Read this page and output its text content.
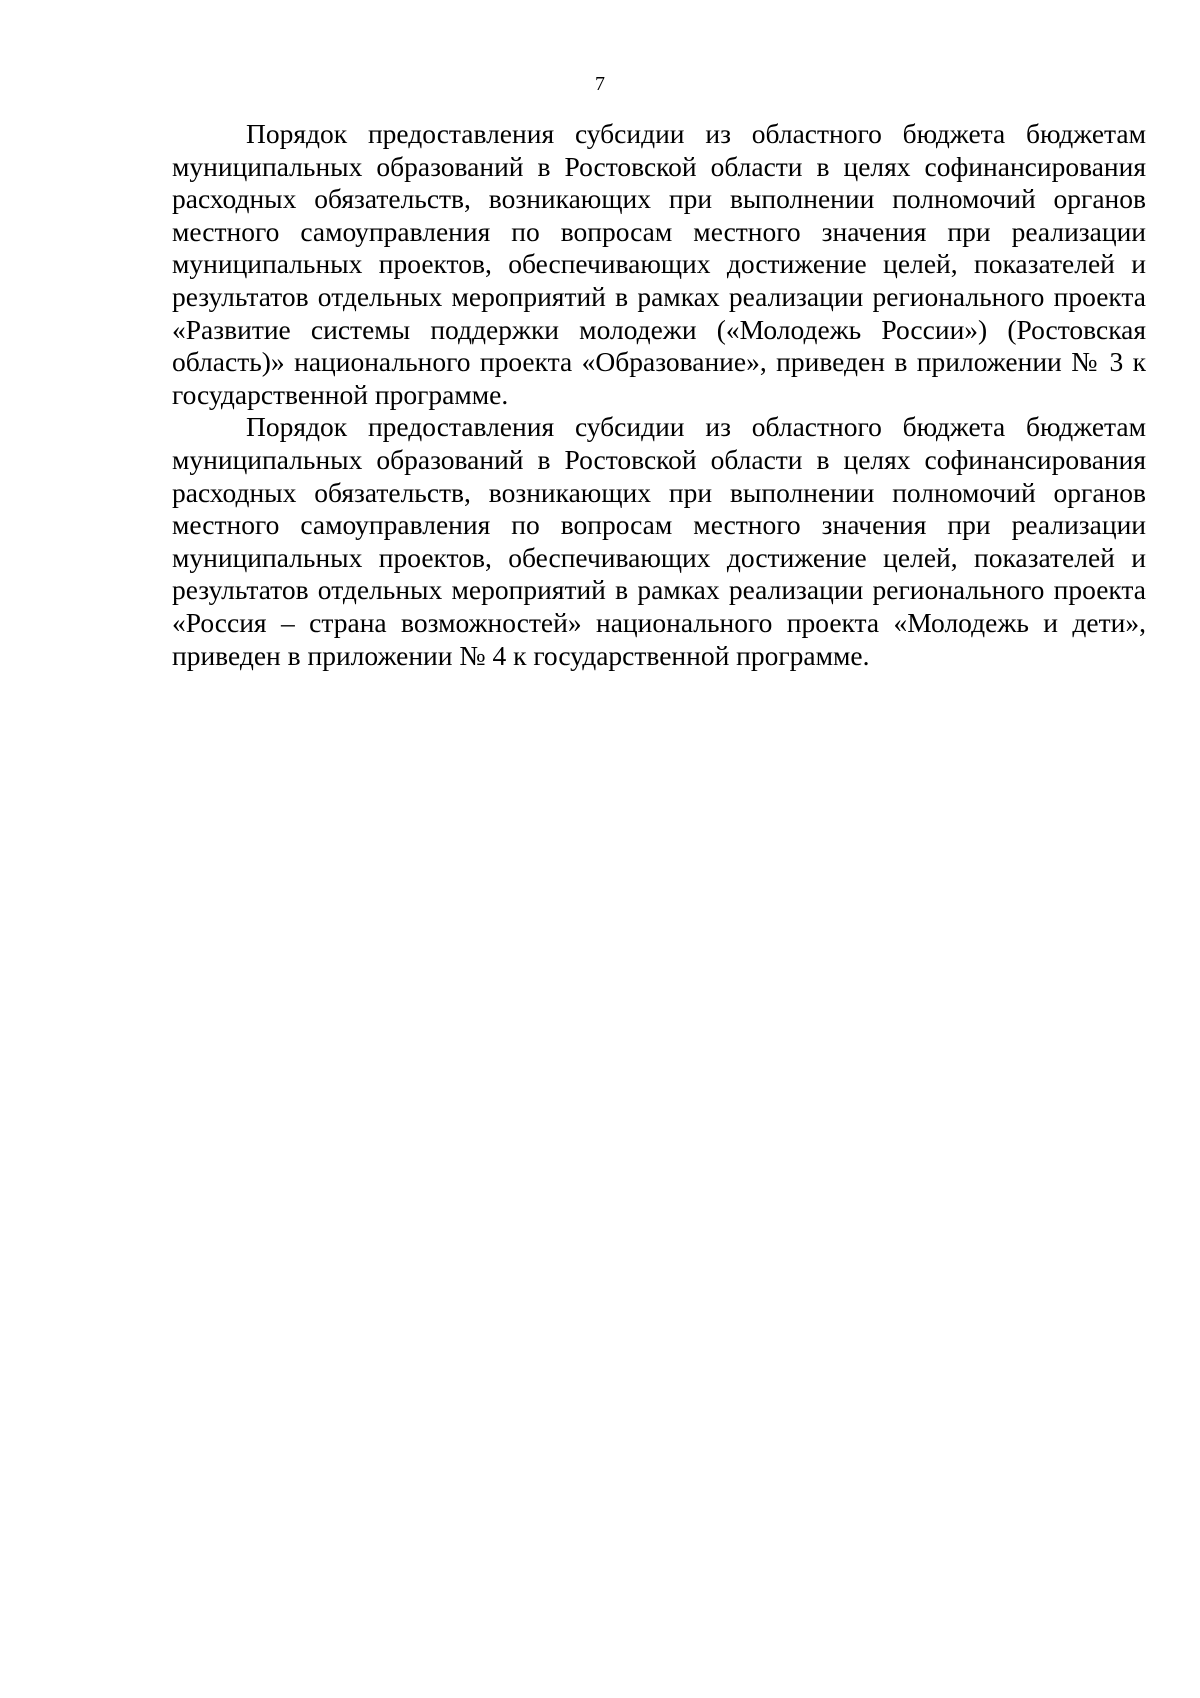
7

Порядок предоставления субсидии из областного бюджета бюджетам муниципальных образований в Ростовской области в целях софинансирования расходных обязательств, возникающих при выполнении полномочий органов местного самоуправления по вопросам местного значения при реализации муниципальных проектов, обеспечивающих достижение целей, показателей и результатов отдельных мероприятий в рамках реализации регионального проекта «Развитие системы поддержки молодежи («Молодежь России») (Ростовская область)» национального проекта «Образование», приведен в приложении № 3 к государственной программе.

Порядок предоставления субсидии из областного бюджета бюджетам муниципальных образований в Ростовской области в целях софинансирования расходных обязательств, возникающих при выполнении полномочий органов местного самоуправления по вопросам местного значения при реализации муниципальных проектов, обеспечивающих достижение целей, показателей и результатов отдельных мероприятий в рамках реализации регионального проекта «Россия – страна возможностей» национального проекта «Молодежь и дети», приведен в приложении № 4 к государственной программе.
